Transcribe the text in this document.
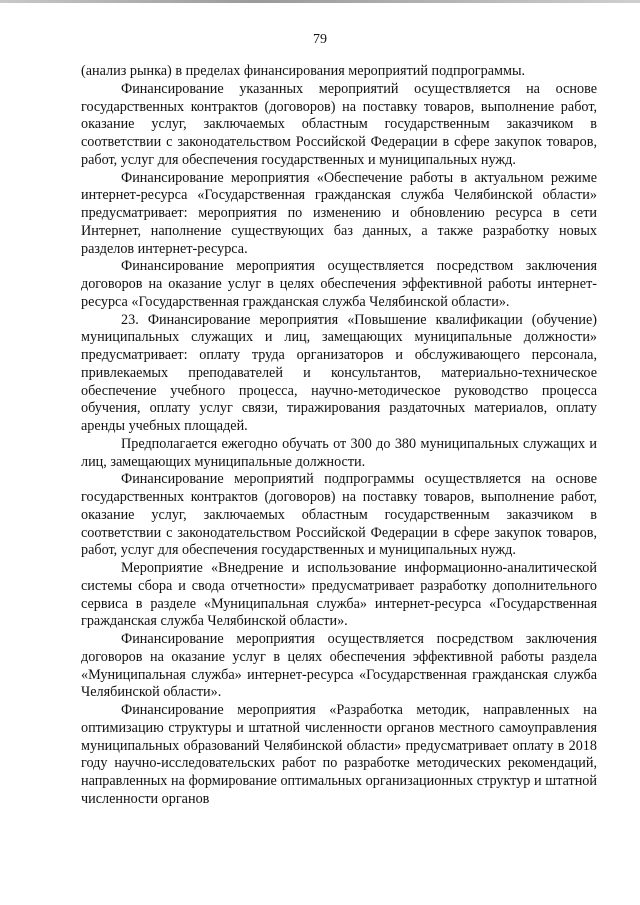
79

(анализ рынка) в пределах финансирования мероприятий подпрограммы.

Финансирование указанных мероприятий осуществляется на основе государственных контрактов (договоров) на поставку товаров, выполнение работ, оказание услуг, заключаемых областным государственным заказчиком в соответствии с законодательством Российской Федерации в сфере закупок товаров, работ, услуг для обеспечения государственных и муниципальных нужд.

Финансирование мероприятия «Обеспечение работы в актуальном режиме интернет-ресурса «Государственная гражданская служба Челябинской области» предусматривает: мероприятия по изменению и обновлению ресурса в сети Интернет, наполнение существующих баз данных, а также разработку новых разделов интернет-ресурса.

Финансирование мероприятия осуществляется посредством заключения договоров на оказание услуг в целях обеспечения эффективной работы интернет-ресурса «Государственная гражданская служба Челябинской области».

23. Финансирование мероприятия «Повышение квалификации (обучение) муниципальных служащих и лиц, замещающих муниципальные должности» предусматривает: оплату труда организаторов и обслуживающего персонала, привлекаемых преподавателей и консультантов, материально-техническое обеспечение учебного процесса, научно-методическое руководство процесса обучения, оплату услуг связи, тиражирования раздаточных материалов, оплату аренды учебных площадей.

Предполагается ежегодно обучать от 300 до 380 муниципальных служащих и лиц, замещающих муниципальные должности.

Финансирование мероприятий подпрограммы осуществляется на основе государственных контрактов (договоров) на поставку товаров, выполнение работ, оказание услуг, заключаемых областным государственным заказчиком в соответствии с законодательством Российской Федерации в сфере закупок товаров, работ, услуг для обеспечения государственных и муниципальных нужд.

Мероприятие «Внедрение и использование информационно-аналитической системы сбора и свода отчетности» предусматривает разработку дополнительного сервиса в разделе «Муниципальная служба» интернет-ресурса «Государственная гражданская служба Челябинской области».

Финансирование мероприятия осуществляется посредством заключения договоров на оказание услуг в целях обеспечения эффективной работы раздела «Муниципальная служба» интернет-ресурса «Государственная гражданская служба Челябинской области».

Финансирование мероприятия «Разработка методик, направленных на оптимизацию структуры и штатной численности органов местного самоуправления муниципальных образований Челябинской области» предусматривает оплату в 2018 году научно-исследовательских работ по разработке методических рекомендаций, направленных на формирование оптимальных организационных структур и штатной численности органов
